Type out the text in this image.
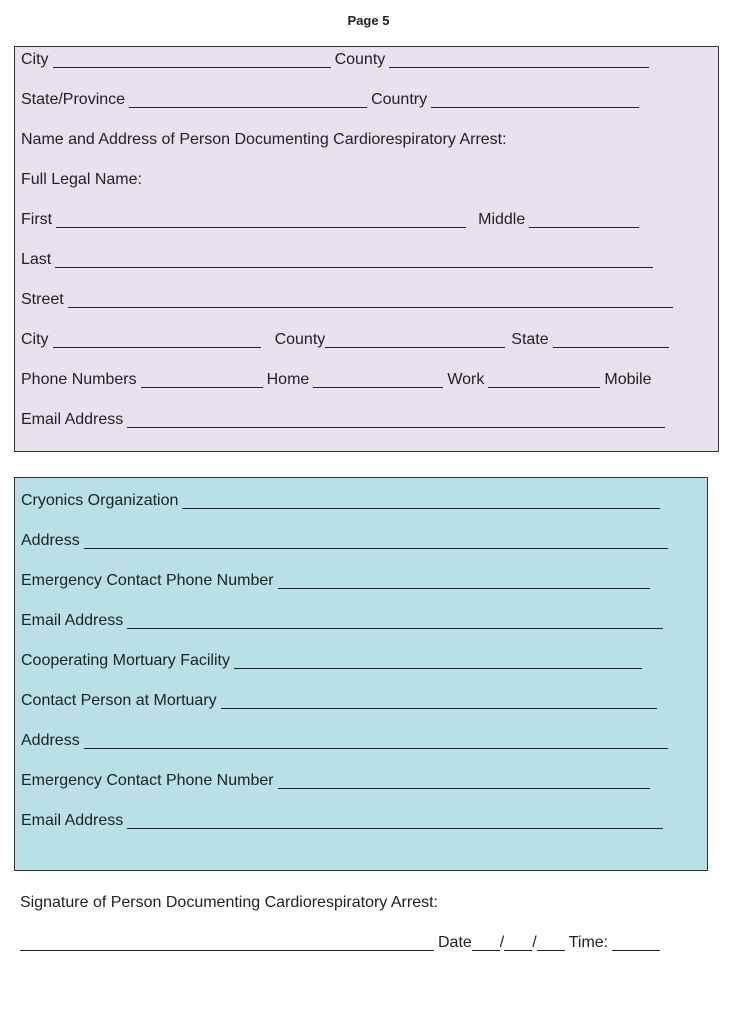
Page 5
City	County
State/Province	Country
Name and Address of Person Documenting Cardiorespiratory Arrest:
Full Legal Name:
First	Middle
Last
Street
City	County	State
Phone Numbers	Home	Work	Mobile
Email Address
Cryonics Organization
Address
Emergency Contact Phone Number
Email Address
Cooperating Mortuary Facility
Contact Person at Mortuary
Address
Emergency Contact Phone Number
Email Address
Signature of Person Documenting Cardiorespiratory Arrest:
Date / / Time:
